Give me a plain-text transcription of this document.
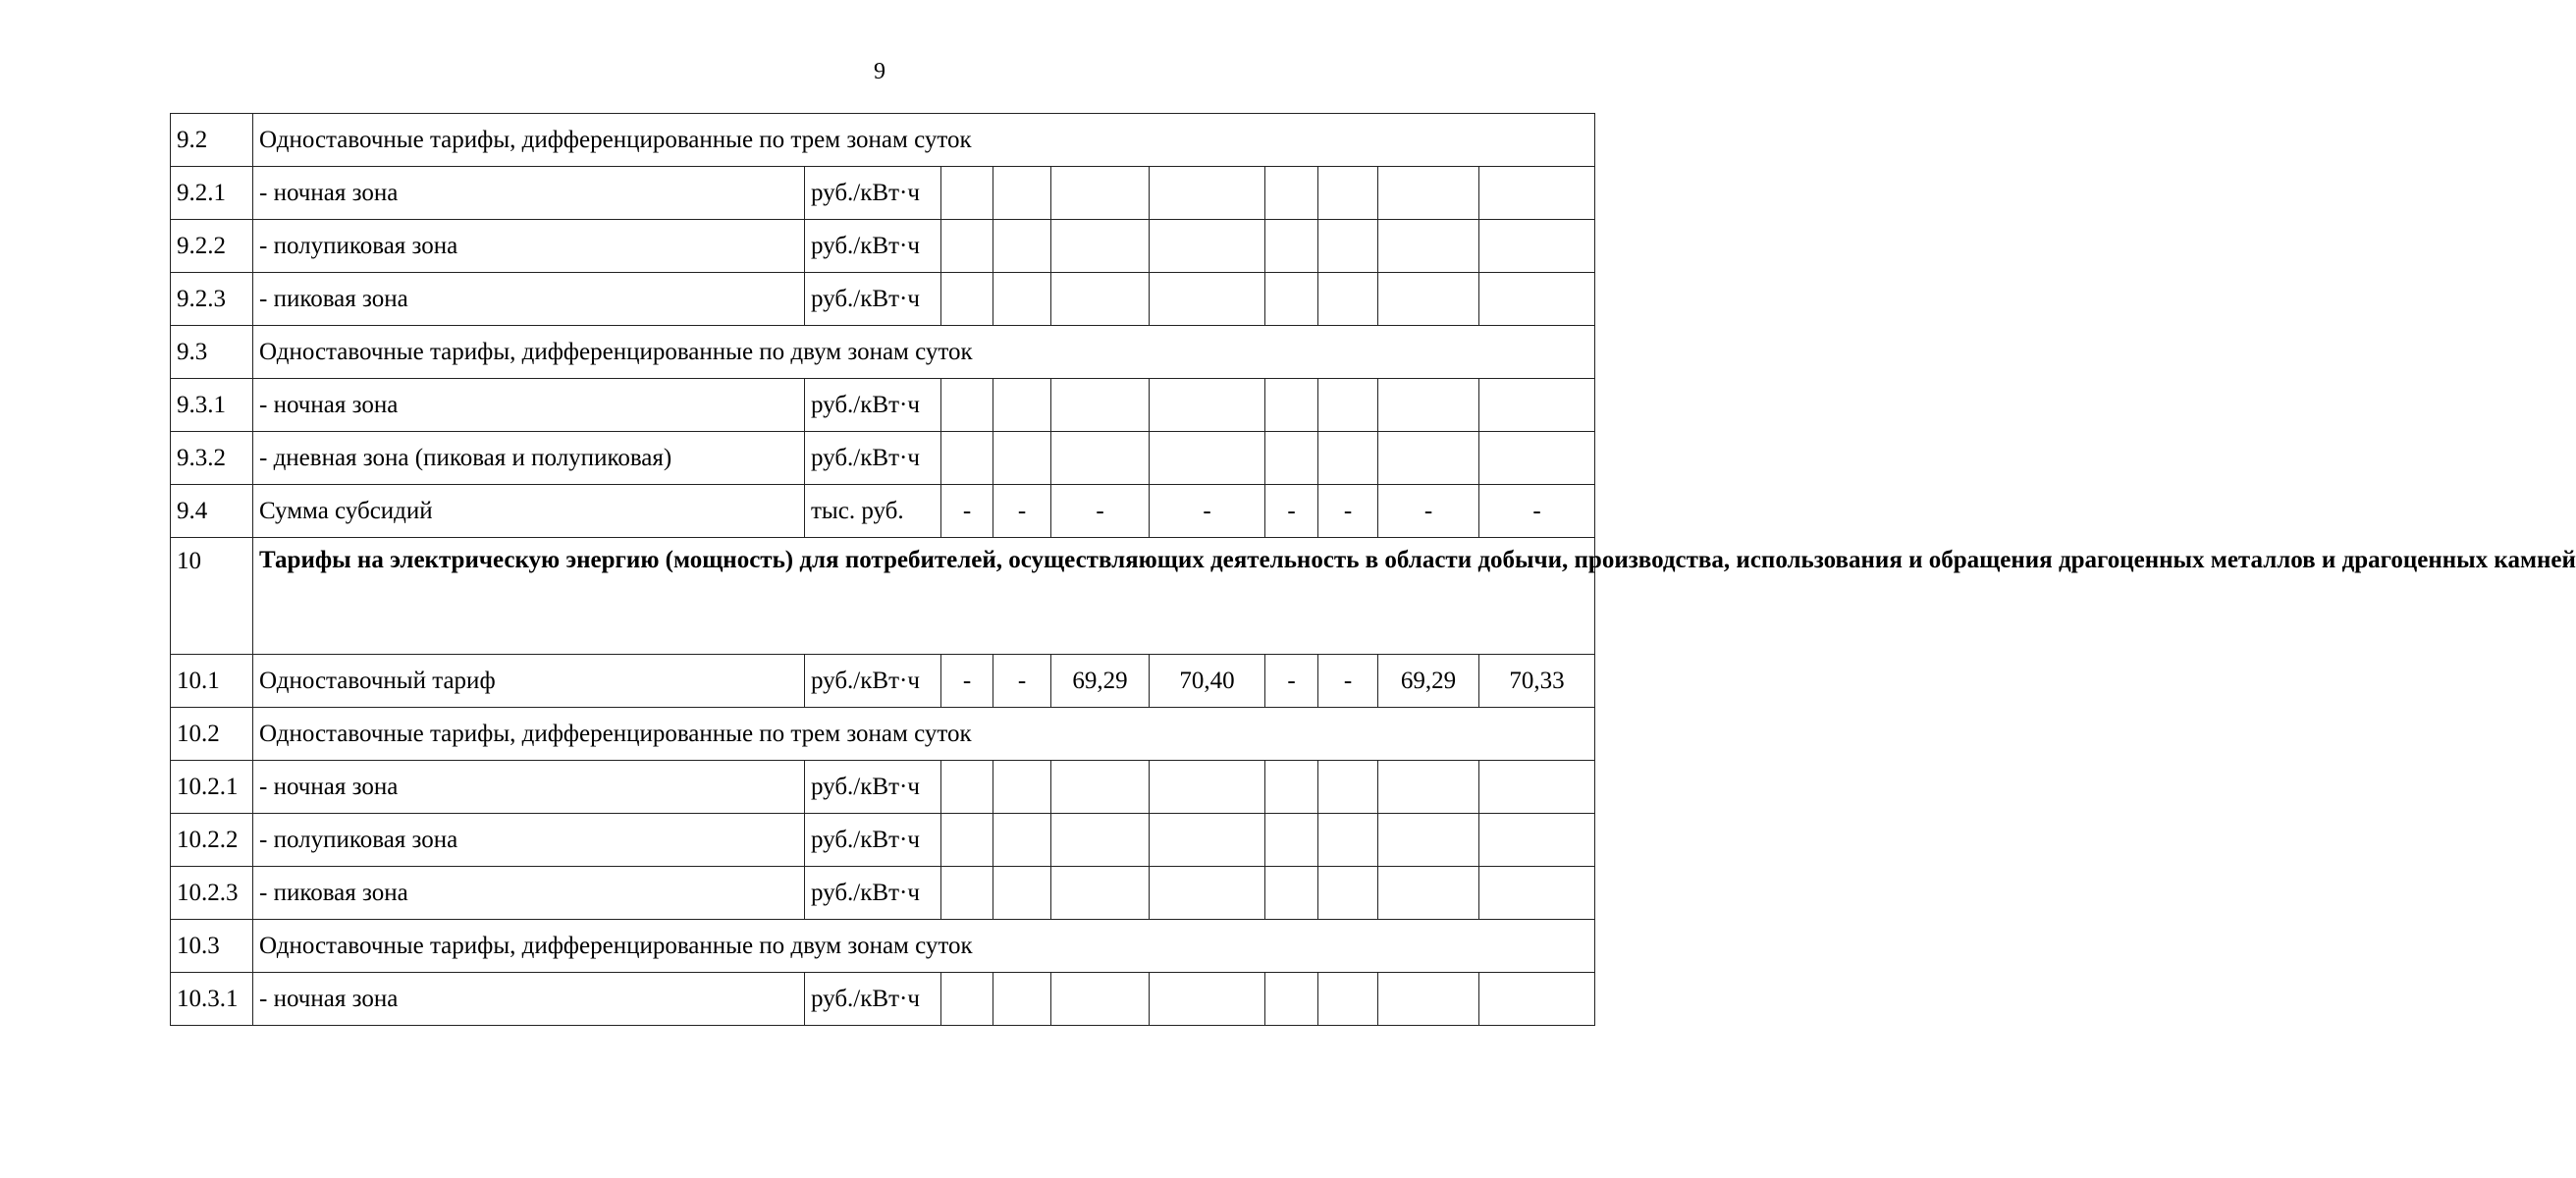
9
9.2	Одноставочные тарифы, дифференцированные по трем зонам суток									
9.2.1	- ночная зона	руб./кВт·ч								
9.2.2	- полупиковая зона	руб./кВт·ч								
9.2.3	- пиковая зона	руб./кВт·ч								
9.3	Одноставочные тарифы, дифференцированные по двум зонам суток									
9.3.1	- ночная зона	руб./кВт·ч								
9.3.2	- дневная зона (пиковая и полупиковая)	руб./кВт·ч								
9.4	Сумма субсидий	тыс. руб.	-	-	-	-	-	-	-	-
10	Тарифы на электрическую энергию (мощность) для потребителей, осуществляющих деятельность в области добычи, производства, использования и обращения драгоценных металлов и драгоценных камней									
10.1	Одноставочный тариф	руб./кВт·ч	-	-	69,29	70,40	-	-	69,29	70,33
10.2	Одноставочные тарифы, дифференцированные по трем зонам суток									
10.2.1	- ночная зона	руб./кВт·ч								
10.2.2	- полупиковая зона	руб./кВт·ч								
10.2.3	- пиковая зона	руб./кВт·ч								
10.3	Одноставочные тарифы, дифференцированные по двум зонам суток									
10.3.1	- ночная зона	руб./кВт·ч								
